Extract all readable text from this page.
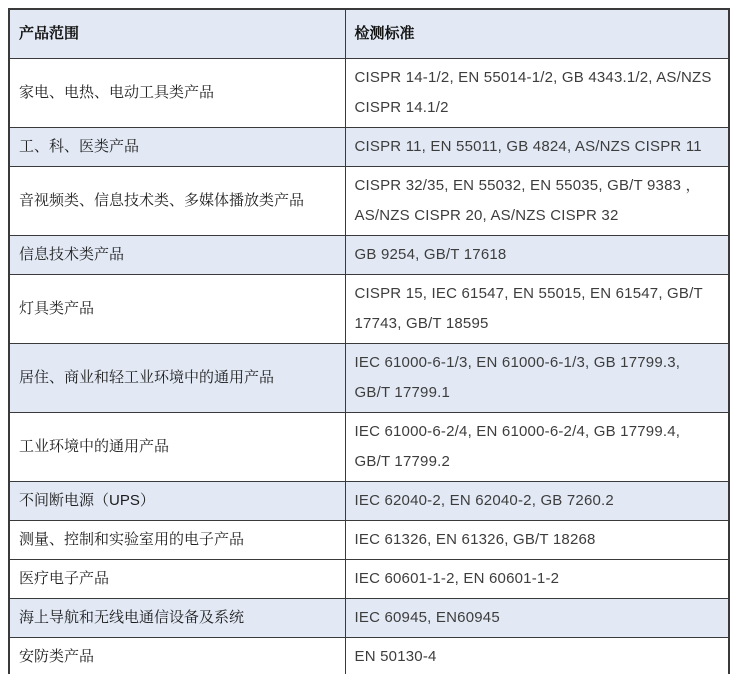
产品范围	检测标准
家电、电热、电动工具类产品	CISPR 14-1/2, EN 55014-1/2, GB 4343.1/2, AS/NZS CISPR 14.1/2
工、科、医类产品	CISPR 11, EN 55011, GB 4824, AS/NZS CISPR 11
音视频类、信息技术类、多媒体播放类产品	CISPR 32/35, EN 55032, EN 55035, GB/T 9383 ，AS/NZS CISPR 20, AS/NZS CISPR 32
信息技术类产品	GB 9254, GB/T 17618
灯具类产品	CISPR 15, IEC 61547, EN 55015, EN 61547, GB/T 17743, GB/T 18595
居住、商业和轻工业环境中的通用产品	IEC 61000-6-1/3, EN 61000-6-1/3, GB 17799.3, GB/T 17799.1
工业环境中的通用产品	IEC 61000-6-2/4, EN 61000-6-2/4, GB 17799.4, GB/T 17799.2
不间断电源（UPS）	IEC 62040-2, EN 62040-2, GB 7260.2
测量、控制和实验室用的电子产品	IEC 61326, EN 61326, GB/T 18268
医疗电子产品	IEC 60601-1-2, EN 60601-1-2
海上导航和无线电通信设备及系统	IEC 60945, EN60945
安防类产品	EN 50130-4
